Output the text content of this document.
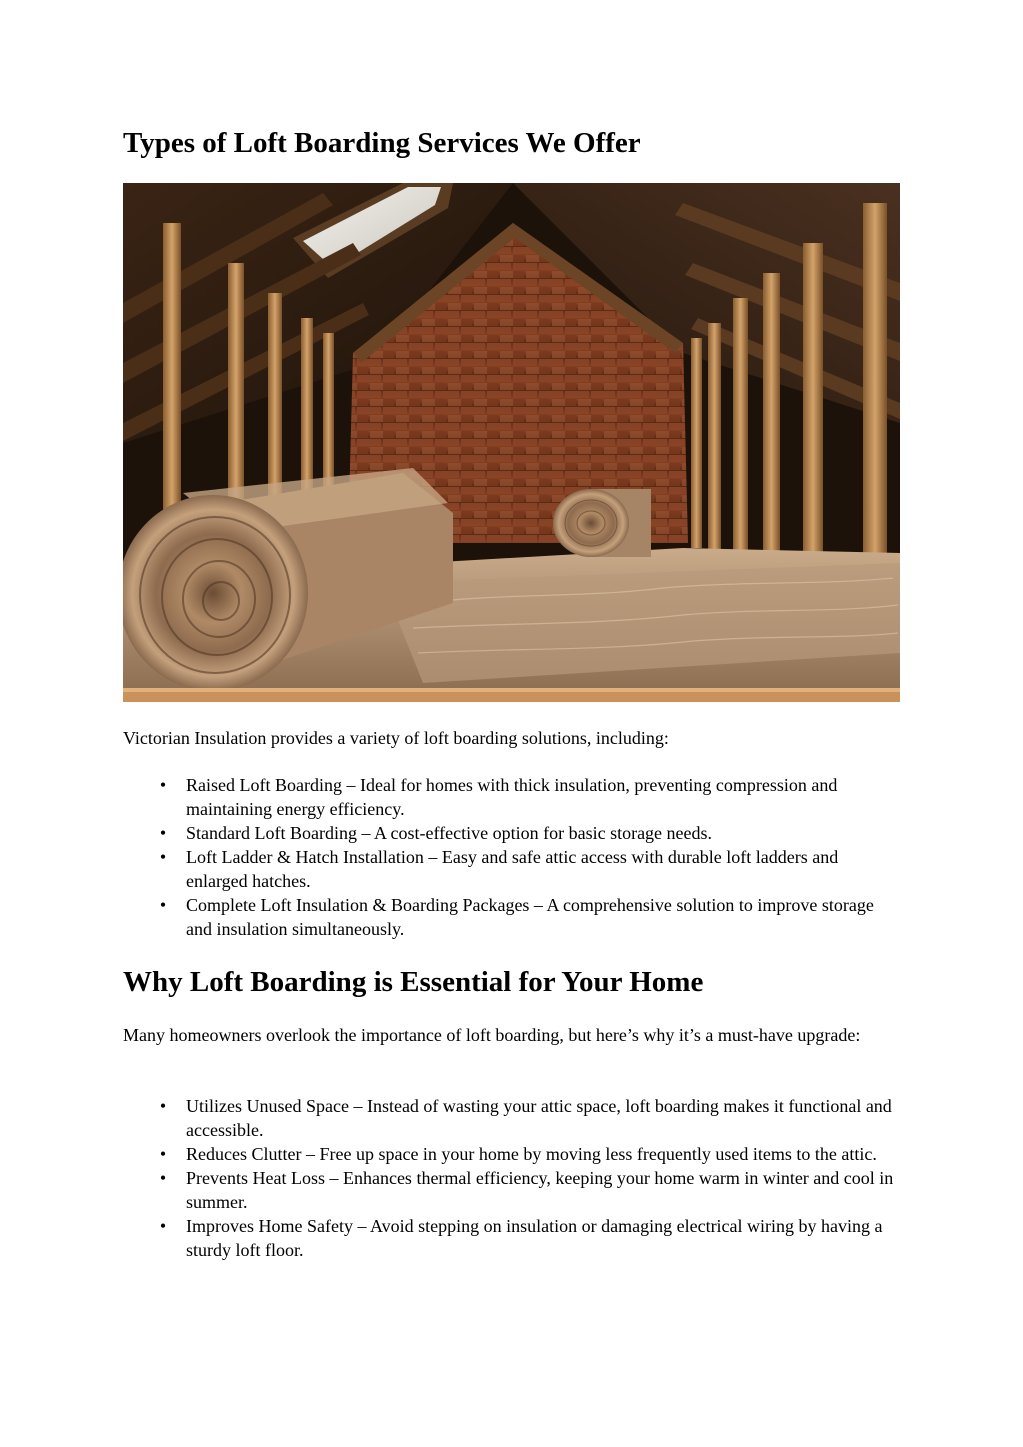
Types of Loft Boarding Services We Offer

Victorian Insulation provides a variety of loft boarding solutions, including:

• Raised Loft Boarding – Ideal for homes with thick insulation, preventing compression and maintaining energy efficiency.
• Standard Loft Boarding – A cost-effective option for basic storage needs.
• Loft Ladder & Hatch Installation – Easy and safe attic access with durable loft ladders and enlarged hatches.
• Complete Loft Insulation & Boarding Packages – A comprehensive solution to improve storage and insulation simultaneously.
Why Loft Boarding is Essential for Your Home

Many homeowners overlook the importance of loft boarding, but here’s why it’s a must-have upgrade:

• Utilizes Unused Space – Instead of wasting your attic space, loft boarding makes it functional and accessible.
• Reduces Clutter – Free up space in your home by moving less frequently used items to the attic.
• Prevents Heat Loss – Enhances thermal efficiency, keeping your home warm in winter and cool in summer.
• Improves Home Safety – Avoid stepping on insulation or damaging electrical wiring by having a sturdy loft floor.
